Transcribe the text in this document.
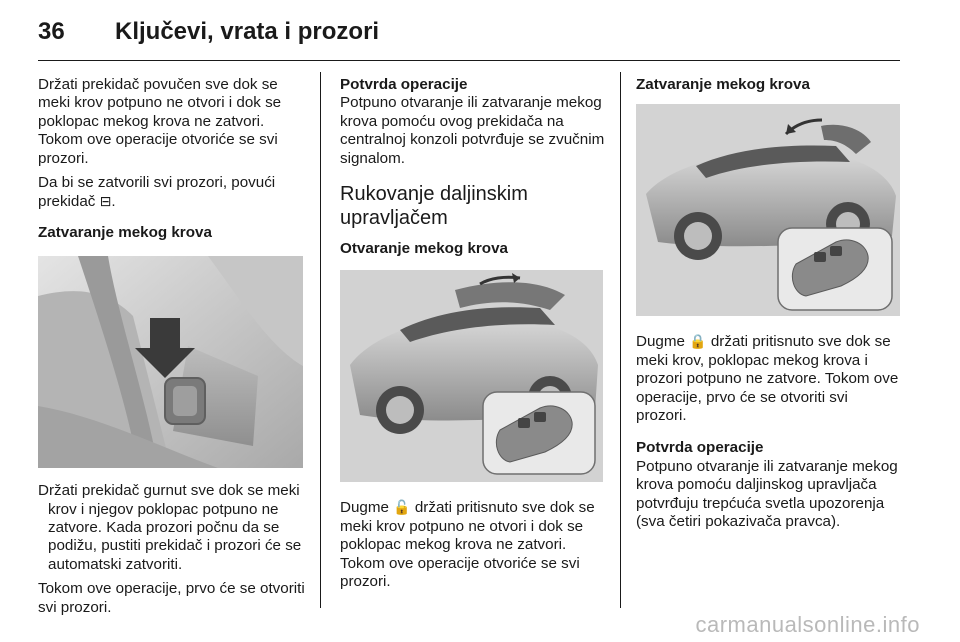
36 Ključevi, vrata i prozori

Držati prekidač povučen sve dok se meki krov potpuno ne otvori i dok se poklopac mekog krova ne zatvori. Tokom ove operacije otvoriće se svi prozori.

Da bi se zatvorili svi prozori, povući prekidač ⊟.

Zatvaranje mekog krova

Držati prekidač gurnut sve dok se meki krov i njegov poklopac potpuno ne zatvore. Kada prozori počnu da se podižu, pustiti prekidač i prozori će se automatski zatvoriti.

Tokom ove operacije, prvo će se otvoriti svi prozori.

Potvrda operacije

Potpuno otvaranje ili zatvaranje mekog krova pomoću ovog prekidača na centralnoj konzoli potvrđuje se zvučnim signalom.

Rukovanje daljinskim upravljačem
Otvaranje mekog krova

Dugme 🔓 držati pritisnuto sve dok se meki krov potpuno ne otvori i dok se poklopac mekog krova ne zatvori. Tokom ove operacije otvoriće se svi prozori.

Zatvaranje mekog krova

Dugme 🔒 držati pritisnuto sve dok se meki krov, poklopac mekog krova i prozori potpuno ne zatvore. Tokom ove operacije, prvo će se otvoriti svi prozori.

Potvrda operacije

Potpuno otvaranje ili zatvaranje mekog krova pomoću daljinskog upravljača potvrđuju trepćuća svetla upozorenja (sva četiri pokazivača pravca).

carmanualsonline.info
